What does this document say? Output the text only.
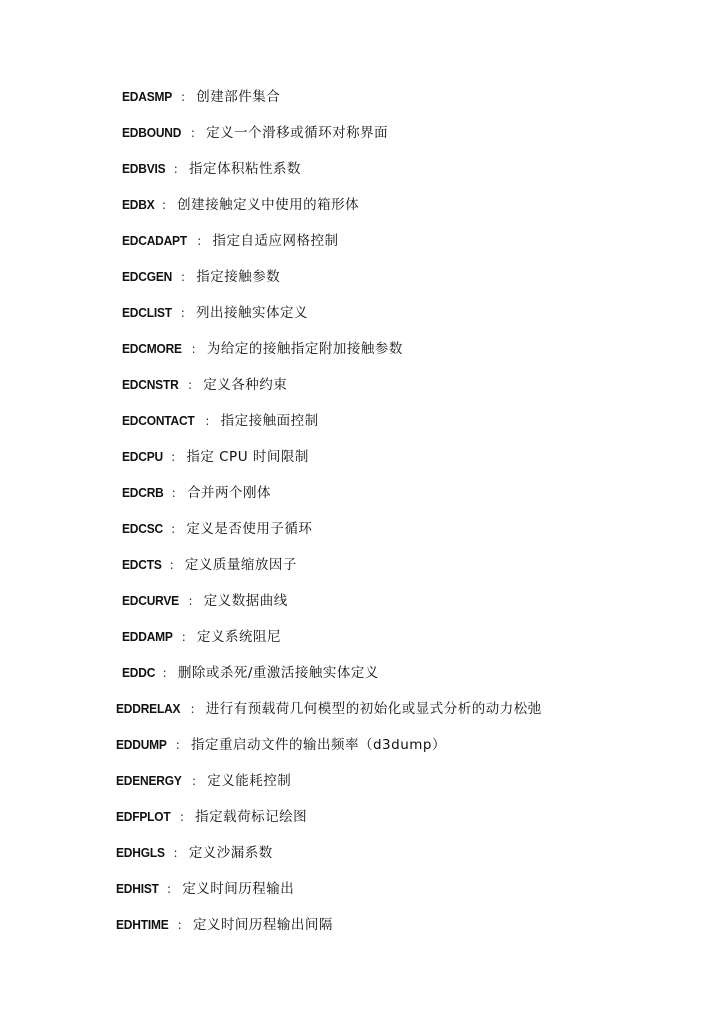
EDASMP ： 创建部件集合
EDBOUND ： 定义一个滑移或循环对称界面
EDBVIS ： 指定体积粘性系数
EDBX ： 创建接触定义中使用的箱形体
EDCADAPT ： 指定自适应网格控制
EDCGEN ： 指定接触参数
EDCLIST ： 列出接触实体定义
EDCMORE ： 为给定的接触指定附加接触参数
EDCNSTR ： 定义各种约束
EDCONTACT ： 指定接触面控制
EDCPU ： 指定 CPU 时间限制
EDCRB ： 合并两个刚体
EDCSC ： 定义是否使用子循环
EDCTS ： 定义质量缩放因子
EDCURVE ： 定义数据曲线
EDDAMP ： 定义系统阻尼
EDDC ： 删除或杀死/重激活接触实体定义
EDDRELAX ： 进行有预载荷几何模型的初始化或显式分析的动力松弛
EDDUMP ： 指定重启动文件的输出频率（d3dump）
EDENERGY ： 定义能耗控制
EDFPLOT ： 指定载荷标记绘图
EDHGLS ： 定义沙漏系数
EDHIST ： 定义时间历程输出
EDHTIME ： 定义时间历程输出间隔
